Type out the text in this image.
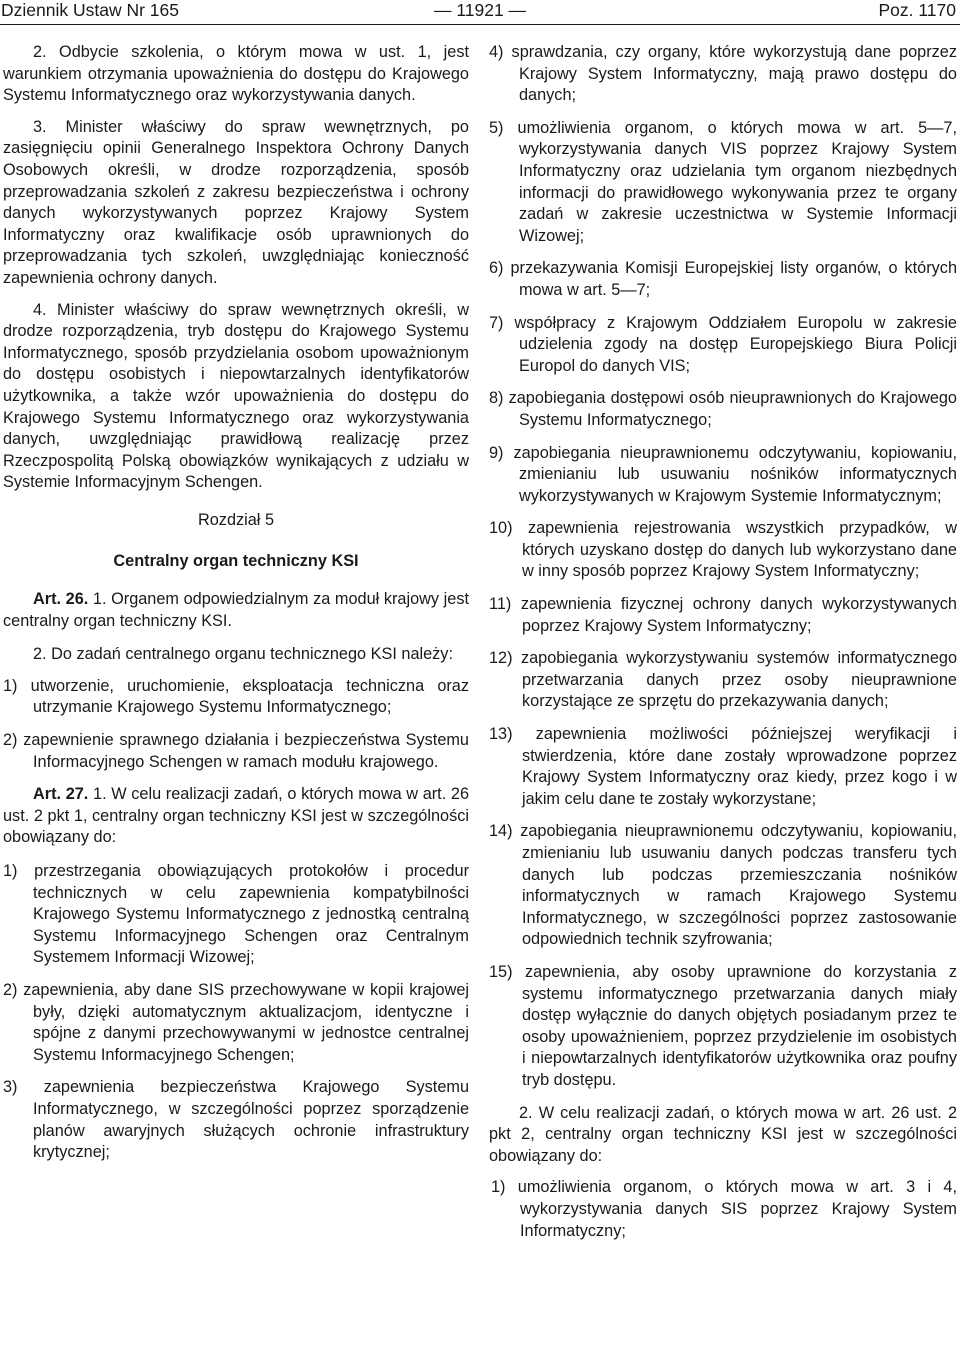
Dziennik Ustaw Nr 165	— 11921 —	Poz. 1170

2. Odbycie szkolenia, o którym mowa w ust. 1, jest warunkiem otrzymania upoważnienia do dostępu do Krajowego Systemu Informatycznego oraz wykorzystywania danych.

3. Minister właściwy do spraw wewnętrznych, po zasięgnięciu opinii Generalnego Inspektora Ochrony Danych Osobowych określi, w drodze rozporządzenia, sposób przeprowadzania szkoleń z zakresu bezpieczeństwa i ochrony danych wykorzystywanych poprzez Krajowy System Informatyczny oraz kwalifikacje osób uprawnionych do przeprowadzania tych szkoleń, uwzględniając konieczność zapewnienia ochrony danych.

4. Minister właściwy do spraw wewnętrznych określi, w drodze rozporządzenia, tryb dostępu do Krajowego Systemu Informatycznego, sposób przydzielania osobom upoważnionym do dostępu osobistych i niepowtarzalnych identyfikatorów użytkownika, a także wzór upoważnienia do dostępu do Krajowego Systemu Informatycznego oraz wykorzystywania danych, uwzględniając prawidłową realizację przez Rzeczpospolitą Polską obowiązków wynikających z udziału w Systemie Informacyjnym Schengen.

Rozdział 5

Centralny organ techniczny KSI

Art. 26. 1. Organem odpowiedzialnym za moduł krajowy jest centralny organ techniczny KSI.

2. Do zadań centralnego organu technicznego KSI należy:

1) utworzenie, uruchomienie, eksploatacja techniczna oraz utrzymanie Krajowego Systemu Informatycznego;

2) zapewnienie sprawnego działania i bezpieczeństwa Systemu Informacyjnego Schengen w ramach modułu krajowego.

Art. 27. 1. W celu realizacji zadań, o których mowa w art. 26 ust. 2 pkt 1, centralny organ techniczny KSI jest w szczególności obowiązany do:

1) przestrzegania obowiązujących protokołów i procedur technicznych w celu zapewnienia kompatybilności Krajowego Systemu Informatycznego z jednostką centralną Systemu Informacyjnego Schengen oraz Centralnym Systemem Informacji Wizowej;

2) zapewnienia, aby dane SIS przechowywane w kopii krajowej były, dzięki automatycznym aktualizacjom, identyczne i spójne z danymi przechowywanymi w jednostce centralnej Systemu Informacyjnego Schengen;

3) zapewnienia bezpieczeństwa Krajowego Systemu Informatycznego, w szczególności poprzez sporządzenie planów awaryjnych służących ochronie infrastruktury krytycznej;

4) sprawdzania, czy organy, które wykorzystują dane poprzez Krajowy System Informatyczny, mają prawo dostępu do danych;

5) umożliwienia organom, o których mowa w art. 5—7, wykorzystywania danych VIS poprzez Krajowy System Informatyczny oraz udzielania tym organom niezbędnych informacji do prawidłowego wykonywania przez te organy zadań w zakresie uczestnictwa w Systemie Informacji Wizowej;

6) przekazywania Komisji Europejskiej listy organów, o których mowa w art. 5—7;

7) współpracy z Krajowym Oddziałem Europolu w zakresie udzielenia zgody na dostęp Europejskiego Biura Policji Europol do danych VIS;

8) zapobiegania dostępowi osób nieuprawnionych do Krajowego Systemu Informatycznego;

9) zapobiegania nieuprawnionemu odczytywaniu, kopiowaniu, zmienianiu lub usuwaniu nośników informatycznych wykorzystywanych w Krajowym Systemie Informatycznym;

10) zapewnienia rejestrowania wszystkich przypadków, w których uzyskano dostęp do danych lub wykorzystano dane w inny sposób poprzez Krajowy System Informatyczny;

11) zapewnienia fizycznej ochrony danych wykorzystywanych poprzez Krajowy System Informatyczny;

12) zapobiegania wykorzystywaniu systemów informatycznego przetwarzania danych przez osoby nieuprawnione korzystające ze sprzętu do przekazywania danych;

13) zapewnienia możliwości późniejszej weryfikacji i stwierdzenia, które dane zostały wprowadzone poprzez Krajowy System Informatyczny oraz kiedy, przez kogo i w jakim celu dane te zostały wykorzystane;

14) zapobiegania nieuprawnionemu odczytywaniu, kopiowaniu, zmienianiu lub usuwaniu danych podczas transferu tych danych lub podczas przemieszczania nośników informatycznych w ramach Krajowego Systemu Informatycznego, w szczególności poprzez zastosowanie odpowiednich technik szyfrowania;

15) zapewnienia, aby osoby uprawnione do korzystania z systemu informatycznego przetwarzania danych miały dostęp wyłącznie do danych objętych posiadanym przez te osoby upoważnieniem, poprzez przydzielenie im osobistych i niepowtarzalnych identyfikatorów użytkownika oraz poufny tryb dostępu.

2. W celu realizacji zadań, o których mowa w art. 26 ust. 2 pkt 2, centralny organ techniczny KSI jest w szczególności obowiązany do:

1) umożliwienia organom, o których mowa w art. 3 i 4, wykorzystywania danych SIS poprzez Krajowy System Informatyczny;
